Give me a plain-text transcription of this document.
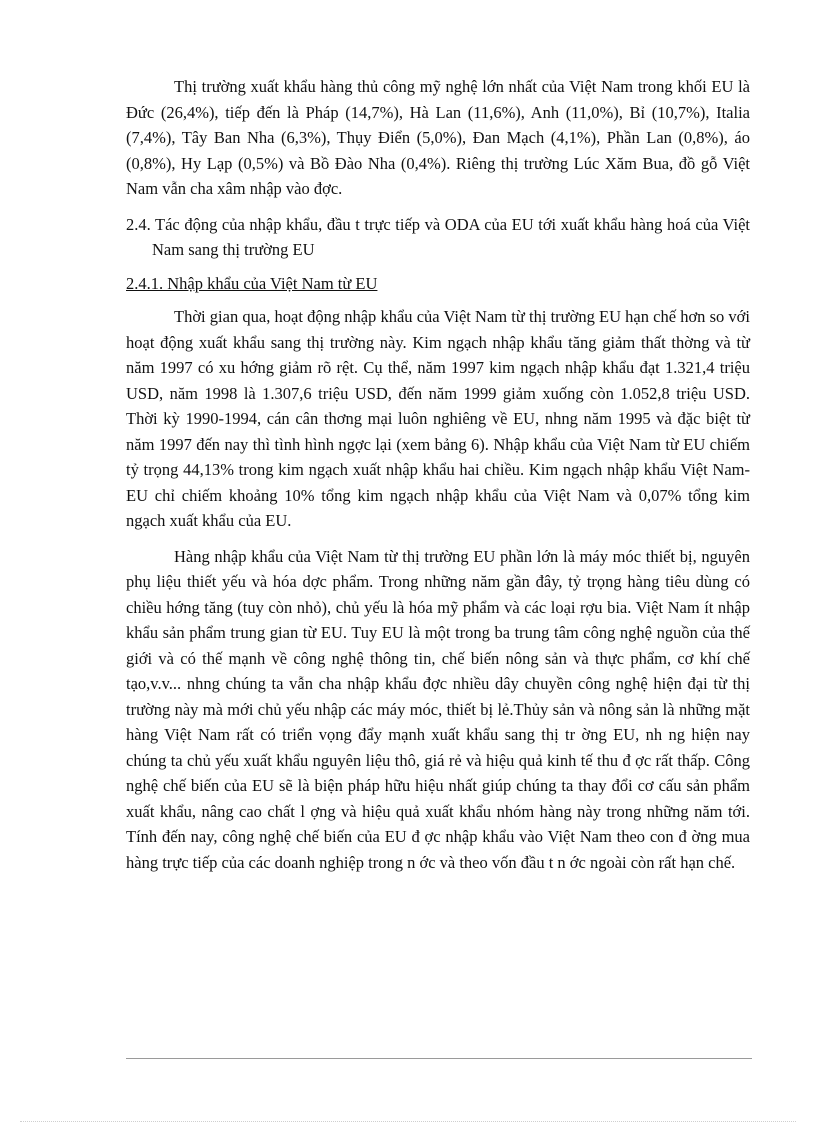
Thị trường xuất khẩu hàng thủ công mỹ nghệ lớn nhất của Việt Nam trong khối EU là Đức (26,4%), tiếp đến là Pháp (14,7%), Hà Lan (11,6%), Anh (11,0%), Bỉ (10,7%), Italia (7,4%), Tây Ban Nha (6,3%), Thụy Điển (5,0%), Đan Mạch (4,1%), Phần Lan (0,8%), áo (0,8%), Hy Lạp (0,5%) và Bồ Đào Nha (0,4%). Riêng thị trường Lúc Xăm Bua, đồ gỗ Việt Nam vẫn cha xâm nhập vào đợc.

2.4. Tác động của nhập khẩu, đầu t trực tiếp và ODA của EU tới xuất khẩu hàng hoá của Việt Nam sang thị trường EU

2.4.1. Nhập khẩu của Việt Nam từ EU

Thời gian qua, hoạt động nhập khẩu của Việt Nam từ thị trường EU hạn chế hơn so với hoạt động xuất khẩu sang thị trường này. Kim ngạch nhập khẩu tăng giảm thất thờng và từ năm 1997 có xu hớng giảm rõ rệt. Cụ thể, năm 1997 kim ngạch nhập khẩu đạt 1.321,4 triệu USD, năm 1998 là 1.307,6 triệu USD, đến năm 1999 giảm xuống còn 1.052,8 triệu USD. Thời kỳ 1990-1994, cán cân thơng mại luôn nghiêng về EU, nhng năm 1995 và đặc biệt từ năm 1997 đến nay thì tình hình ngợc lại (xem bảng 6). Nhập khẩu của Việt Nam từ EU chiếm tỷ trọng 44,13% trong kim ngạch xuất nhập khẩu hai chiều. Kim ngạch nhập khẩu Việt Nam-EU chỉ chiếm khoảng 10% tổng kim ngạch nhập khẩu của Việt Nam và 0,07% tổng kim ngạch xuất khẩu của EU.

Hàng nhập khẩu của Việt Nam từ thị trường EU phần lớn là máy móc thiết bị, nguyên phụ liệu thiết yếu và hóa dợc phẩm. Trong những năm gần đây, tỷ trọng hàng tiêu dùng có chiều hớng tăng (tuy còn nhỏ), chủ yếu là hóa mỹ phẩm và các loại rợu bia. Việt Nam ít nhập khẩu sản phẩm trung gian từ EU. Tuy EU là một trong ba trung tâm công nghệ nguồn của thế giới và có thế mạnh về công nghệ thông tin, chế biến nông sản và thực phẩm, cơ khí chế tạo,v.v... nhng chúng ta vẫn cha nhập khẩu đợc nhiều dây chuyền công nghệ hiện đại từ thị trường này mà mới chủ yếu nhập các máy móc, thiết bị lẻ.Thủy sản và nông sản là những mặt hàng Việt Nam rất có triển vọng đẩy mạnh xuất khẩu sang thị tr ờng EU, nh ng hiện nay chúng ta chủ yếu xuất khẩu nguyên liệu thô, giá rẻ và hiệu quả kinh tế thu đ ợc rất thấp. Công nghệ chế biến của EU sẽ là biện pháp hữu hiệu nhất giúp chúng ta thay đổi cơ cấu sản phẩm xuất khẩu, nâng cao chất l ợng và hiệu quả xuất khẩu nhóm hàng này trong những năm tới. Tính đến nay, công nghệ chế biến của EU đ ợc nhập khẩu vào Việt Nam theo con đ ờng mua hàng trực tiếp của các doanh nghiệp trong n ớc và theo vốn đầu t n ớc ngoài còn rất hạn chế.
